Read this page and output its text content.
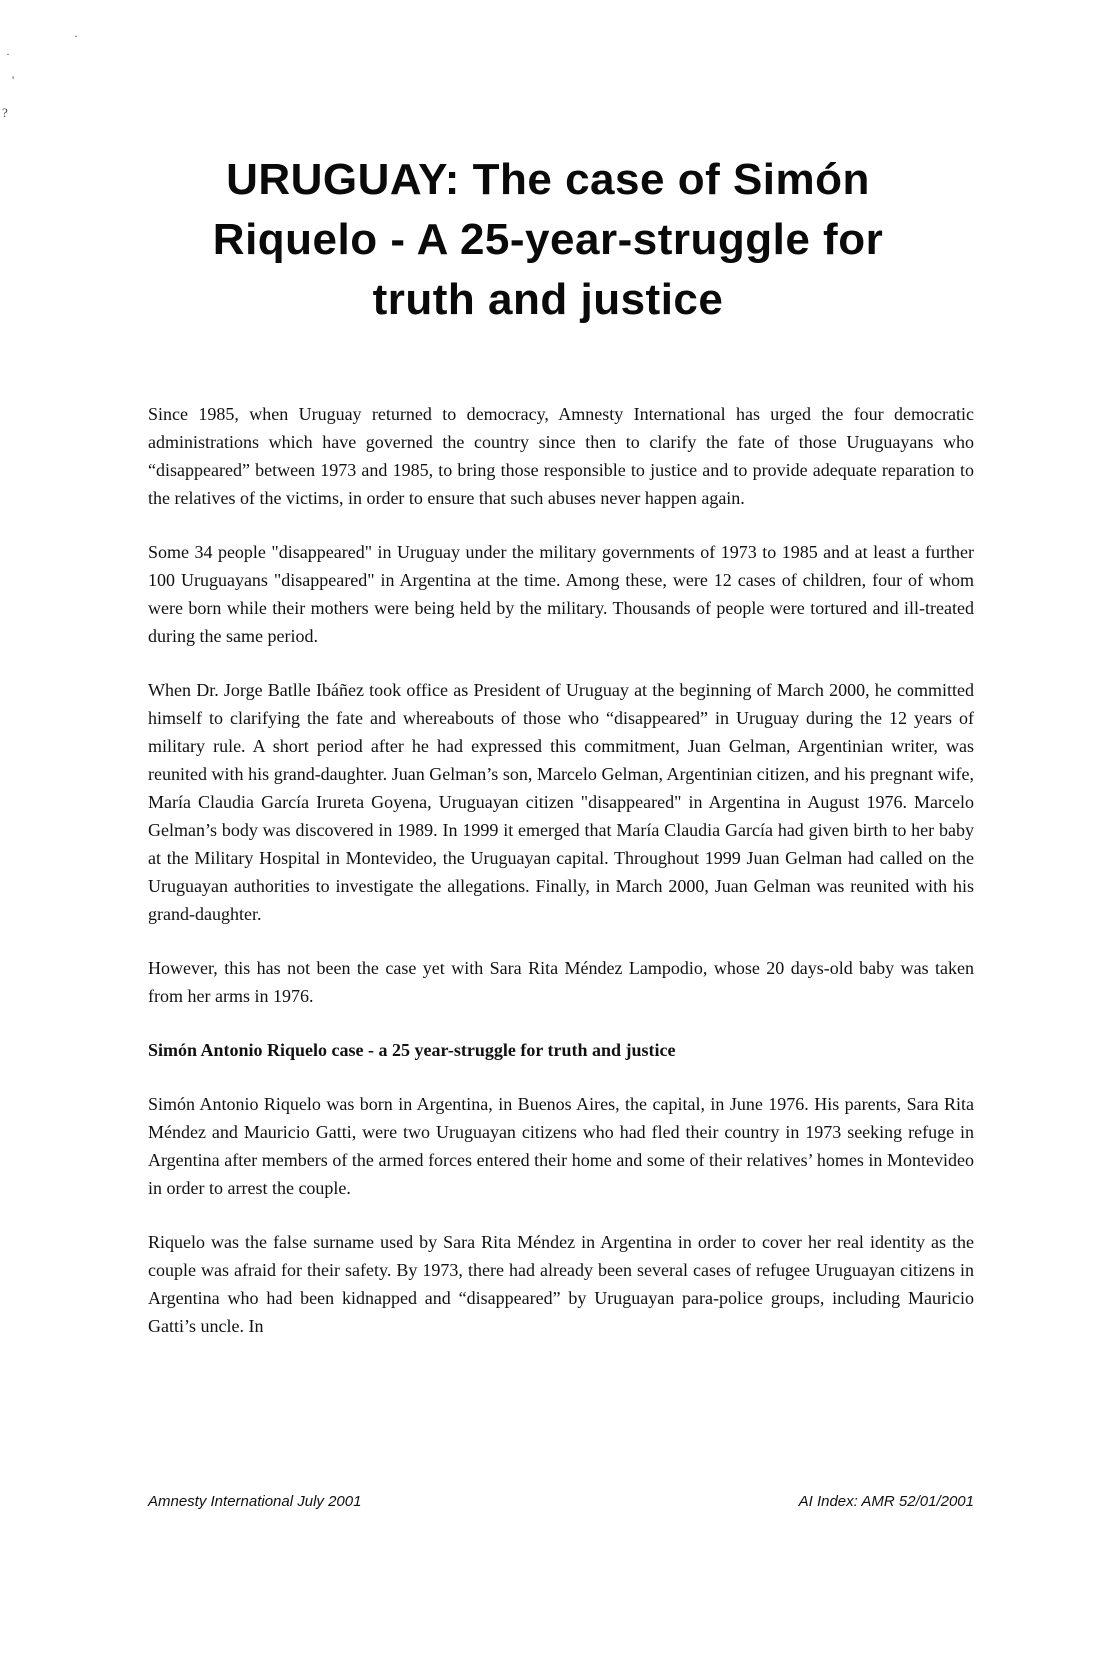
·
'
?
·
URUGUAY: The case of Simón Riquelo - A 25-year-struggle for truth and justice

Since 1985, when Uruguay returned to democracy, Amnesty International has urged the four democratic administrations which have governed the country since then to clarify the fate of those Uruguayans who “disappeared” between 1973 and 1985, to bring those responsible to justice and to provide adequate reparation to the relatives of the victims, in order to ensure that such abuses never happen again.

Some 34 people "disappeared" in Uruguay under the military governments of 1973 to 1985 and at least a further 100 Uruguayans "disappeared" in Argentina at the time. Among these, were 12 cases of children, four of whom were born while their mothers were being held by the military. Thousands of people were tortured and ill-treated during the same period.

When Dr. Jorge Batlle Ibáñez took office as President of Uruguay at the beginning of March 2000, he committed himself to clarifying the fate and whereabouts of those who “disappeared” in Uruguay during the 12 years of military rule. A short period after he had expressed this commitment, Juan Gelman, Argentinian writer, was reunited with his grand-daughter. Juan Gelman’s son, Marcelo Gelman, Argentinian citizen, and his pregnant wife, María Claudia García Irureta Goyena, Uruguayan citizen "disappeared" in Argentina in August 1976. Marcelo Gelman’s body was discovered in 1989. In 1999 it emerged that María Claudia García had given birth to her baby at the Military Hospital in Montevideo, the Uruguayan capital. Throughout 1999 Juan Gelman had called on the Uruguayan authorities to investigate the allegations. Finally, in March 2000, Juan Gelman was reunited with his grand-daughter.

However, this has not been the case yet with Sara Rita Méndez Lampodio, whose 20 days-old baby was taken from her arms in 1976.

Simón Antonio Riquelo case - a 25 year-struggle for truth and justice

Simón Antonio Riquelo was born in Argentina, in Buenos Aires, the capital, in June 1976. His parents, Sara Rita Méndez and Mauricio Gatti, were two Uruguayan citizens who had fled their country in 1973 seeking refuge in Argentina after members of the armed forces entered their home and some of their relatives’ homes in Montevideo in order to arrest the couple.

Riquelo was the false surname used by Sara Rita Méndez in Argentina in order to cover her real identity as the couple was afraid for their safety. By 1973, there had already been several cases of refugee Uruguayan citizens in Argentina who had been kidnapped and “disappeared” by Uruguayan para-police groups, including Mauricio Gatti’s uncle. In

Amnesty International July 2001	AI Index: AMR 52/01/2001
